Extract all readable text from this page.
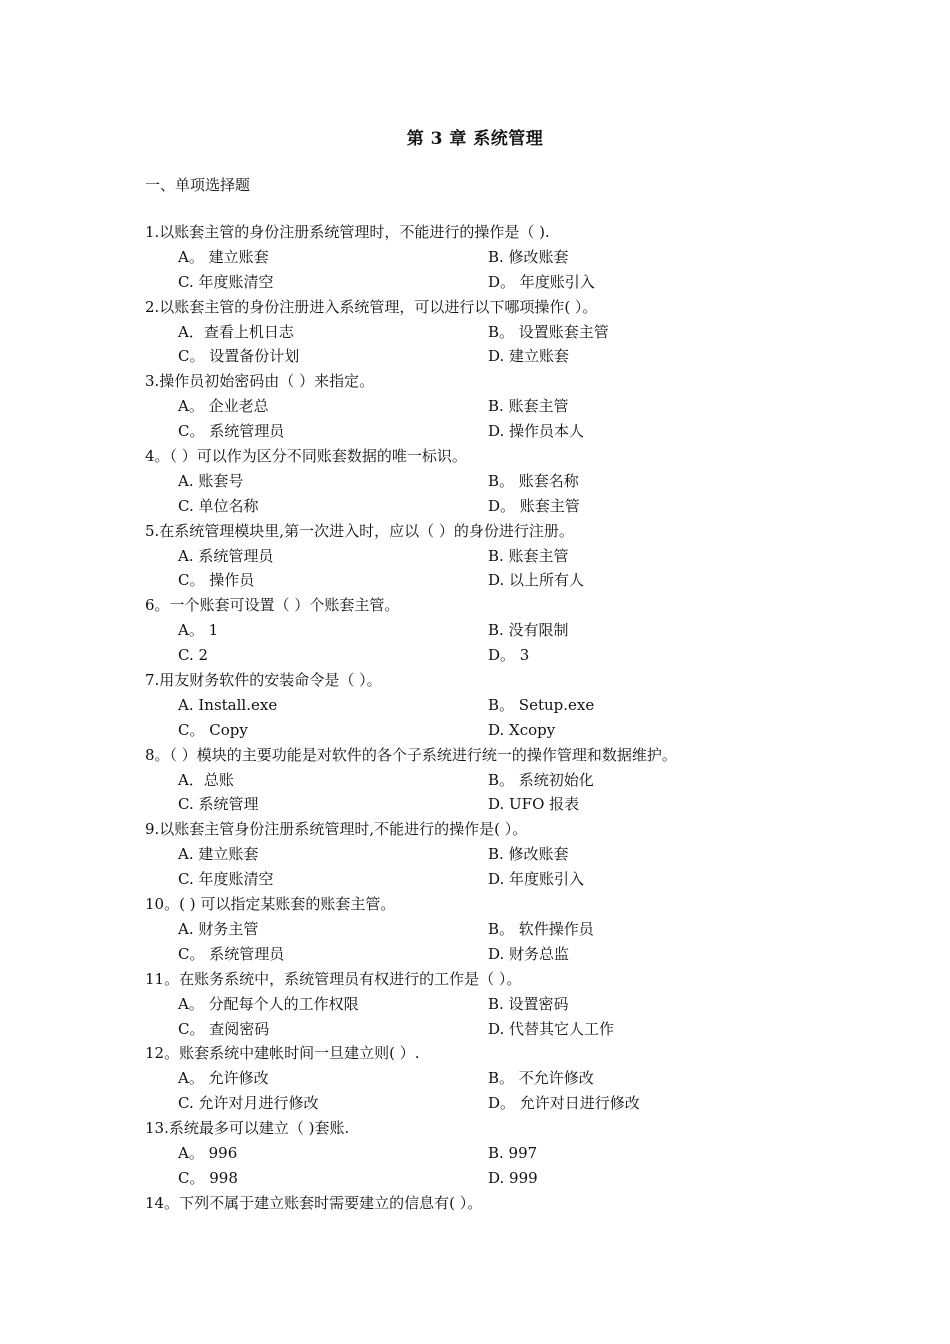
第 3 章 系统管理
一、单项选择题
1.以账套主管的身份注册系统管理时，不能进行的操作是（ ).
A。 建立账套	B. 修改账套
C. 年度账清空	D。 年度账引入
2.以账套主管的身份注册进入系统管理，可以进行以下哪项操作( ）。
A．查看上机日志	B。 设置账套主管
C。 设置备份计划	D. 建立账套
3.操作员初始密码由（ ）来指定。
A。 企业老总	B. 账套主管
C。 系统管理员	D. 操作员本人
4。（ ）可以作为区分不同账套数据的唯一标识。
A. 账套号	B。 账套名称
C. 单位名称	D。 账套主管
5.在系统管理模块里,第一次进入时，应以（ ）的身份进行注册。
A. 系统管理员	B. 账套主管
C。 操作员	D. 以上所有人
6。一个账套可设置（ ）个账套主管。
A。 1	B. 没有限制
C. 2	D。 3
7.用友财务软件的安装命令是（ ）。
A. Install.exe	B。 Setup.exe
C。 Copy	D. Xcopy
8。（ ）模块的主要功能是对软件的各个子系统进行统一的操作管理和数据维护。
A．总账	B。 系统初始化
C. 系统管理	D. UFO 报表
9.以账套主管身份注册系统管理时,不能进行的操作是( ）。
A. 建立账套	B. 修改账套
C. 年度账清空	D. 年度账引入
10。( ) 可以指定某账套的账套主管。
A. 财务主管	B。 软件操作员
C。 系统管理员	D. 财务总监
11。在账务系统中，系统管理员有权进行的工作是（ ）。
A。 分配每个人的工作权限	B. 设置密码
C。 查阅密码	D. 代替其它人工作
12。账套系统中建帐时间一旦建立则( ）.
A。 允许修改	B。 不允许修改
C. 允许对月进行修改	D。 允许对日进行修改
13.系统最多可以建立（ )套账.
A。 996	B. 997
C。 998	D. 999
14。下列不属于建立账套时需要建立的信息有( ）。
